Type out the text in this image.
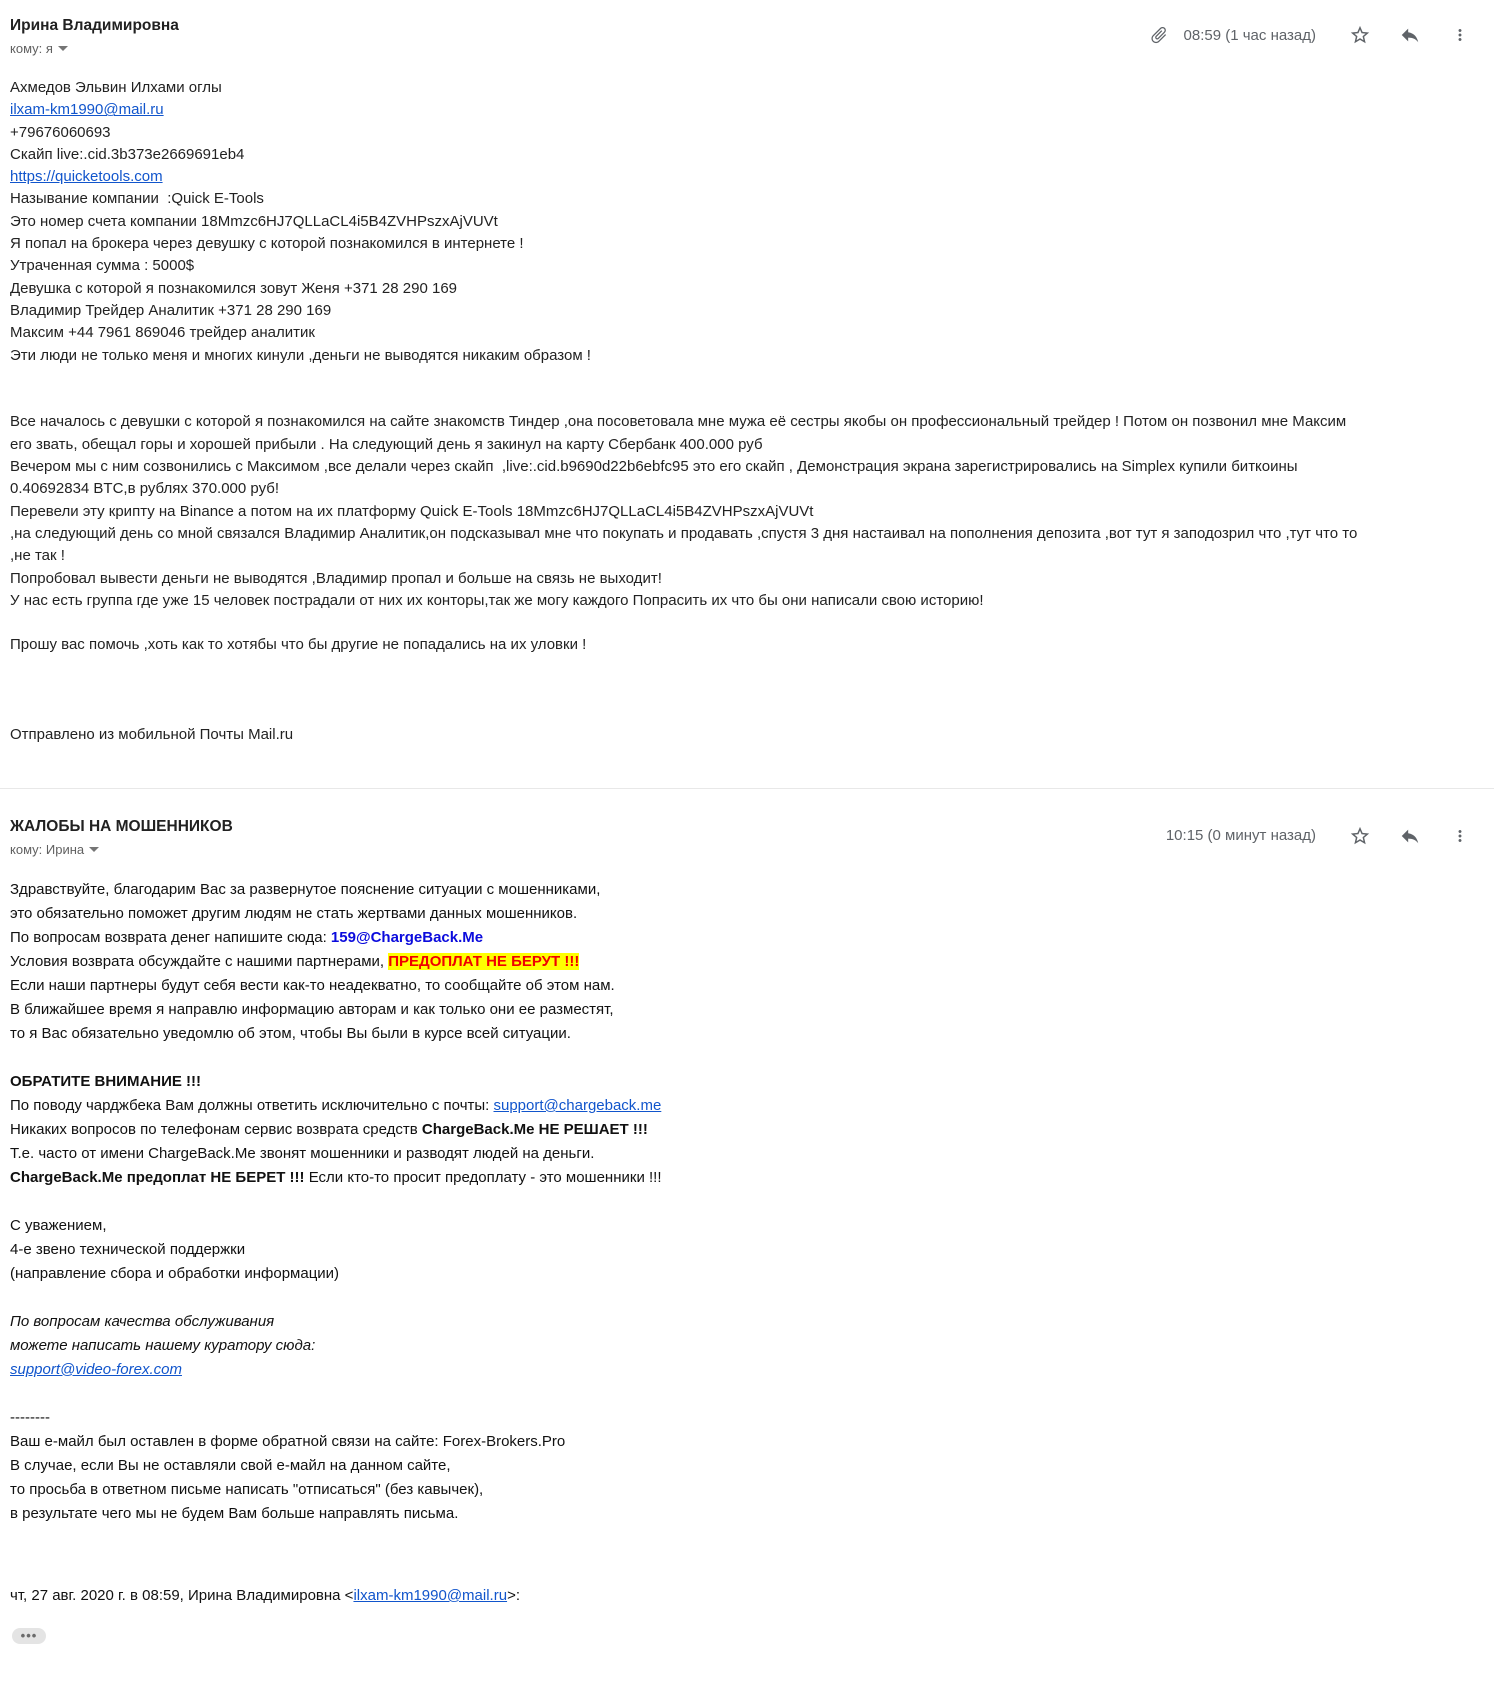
Ирина Владимировна
кому: я
08:59 (1 час назад)
Ахмедов Эльвин Илхами оглы
ilxam-km1990@mail.ru
+79676060693
Скайп live:.cid.3b373e2669691eb4
https://quicketools.com
Называние компании  :Quick E-Tools
Это номер счета компании 18Mmzc6HJ7QLLaCL4i5B4ZVHPszxAjVUVt
Я попал на брокера через девушку с которой познакомился в интернете !
Утраченная сумма : 5000$
Девушка с которой я познакомился зовут Женя +371 28 290 169
Владимир Трейдер Аналитик +371 28 290 169
Максим +44 7961 869046 трейдер аналитик
Эти люди не только меня и многих кинули ,деньги не выводятся никаким образом !

Все началось с девушки с которой я познакомился на сайте знакомств Тиндер ,она посоветовала мне мужа её сестры якобы он профессиональный трейдер ! Потом он позвонил мне Максим
его звать, обещал горы и хорошей прибыли . На следующий день я закинул на карту Сбербанк 400.000 руб
Вечером мы с ним созвонились с Максимом ,все делали через скайп  ,live:.cid.b9690d22b6ebfc95 это его скайп , Демонстрация экрана зарегистрировались на Simplex купили биткоины
0.40692834 BTC,в рублях 370.000 руб!
Перевели эту крипту на Binance а потом на их платформу Quick E-Tools 18Mmzc6HJ7QLLaCL4i5B4ZVHPszxAjVUVt
,на следующий день со мной связался Владимир Аналитик,он подсказывал мне что покупать и продавать ,спустя 3 дня настаивал на пополнения депозита ,вот тут я заподозрил что ,тут что то
,не так !
Попробовал вывести деньги не выводятся ,Владимир пропал и больше на связь не выходит!
У нас есть группа где уже 15 человек пострадали от них их конторы,так же могу каждого Попрасить их что бы они написали свою историю!

Прошу вас помочь ,хоть как то хотябы что бы другие не попадались на их уловки !

Отправлено из мобильной Почты Mail.ru
ЖАЛОБЫ НА МОШЕННИКОВ
кому: Ирина
10:15 (0 минут назад)
Здравствуйте, благодарим Вас за развернутое пояснение ситуации с мошенниками,
это обязательно поможет другим людям не стать жертвами данных мошенников.
По вопросам возврата денег напишите сюда: 159@ChargeBack.Me
Условия возврата обсуждайте с нашими партнерами, ПРЕДОПЛАТ НЕ БЕРУТ !!!
Если наши партнеры будут себя вести как-то неадекватно, то сообщайте об этом нам.
В ближайшее время я направлю информацию авторам и как только они ее разместят,
то я Вас обязательно уведомлю об этом, чтобы Вы были в курсе всей ситуации.

ОБРАТИТЕ ВНИМАНИЕ !!!
По поводу чарджбека Вам должны ответить исключительно с почты: support@chargeback.me
Никаких вопросов по телефонам сервис возврата средств ChargeBack.Me НЕ РЕШАЕТ !!!
Т.е. часто от имени ChargeBack.Me звонят мошенники и разводят людей на деньги.
ChargeBack.Me предоплат НЕ БЕРЕТ !!! Если кто-то просит предоплату - это мошенники !!!

С уважением,
4-е звено технической поддержки
(направление сбора и обработки информации)

По вопросам качества обслуживания
можете написать нашему куратору сюда:
support@video-forex.com

--------
Ваш е-майл был оставлен в форме обратной связи на сайте: Forex-Brokers.Pro
В случае, если Вы не оставляли свой е-майл на данном сайте,
то просьба в ответном письме написать "отписаться" (без кавычек),
в результате чего мы не будем Вам больше направлять письма.

чт, 27 авг. 2020 г. в 08:59, Ирина Владимировна <ilxam-km1990@mail.ru>:
•••
